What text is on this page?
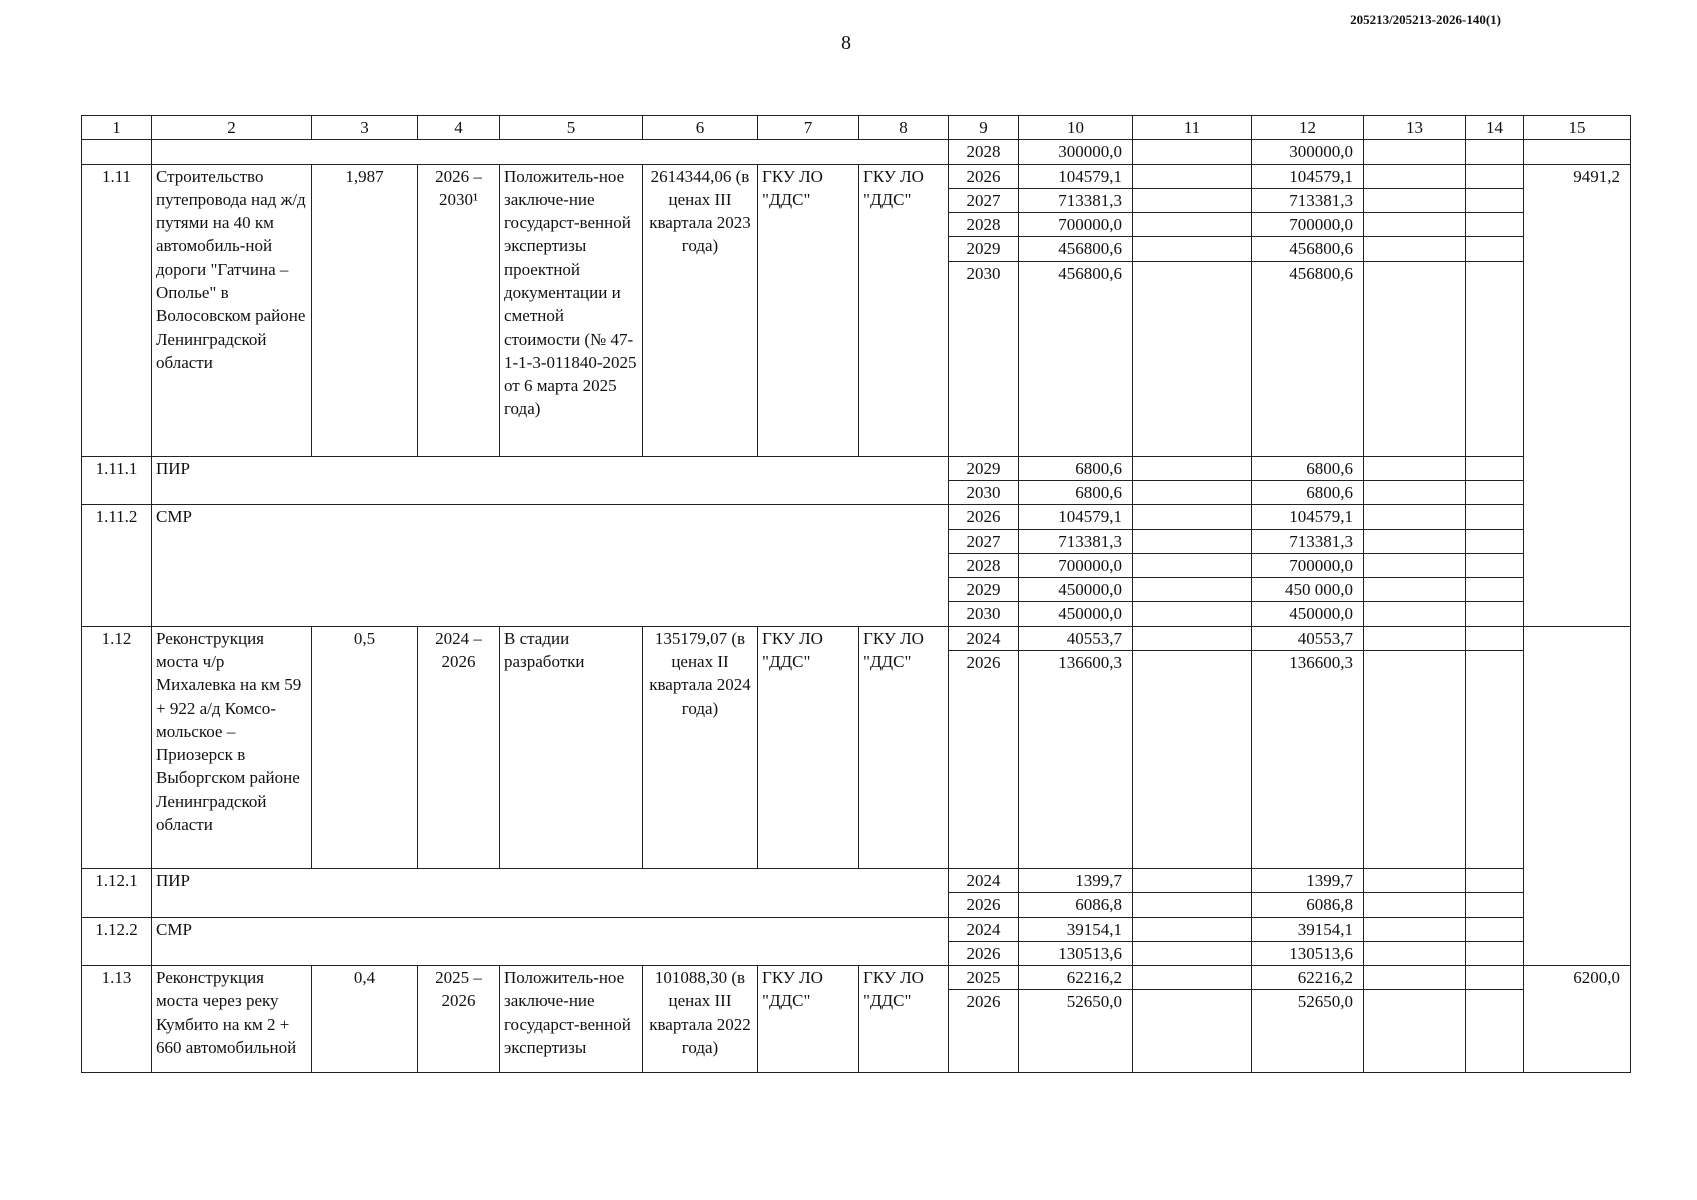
205213/205213-2026-140(1)
8
1	2	3	4	5	6	7	8	9	10	11	12	13	14	15
								2028	300000,0		300000,0			
1.11	Строительство путепровода над ж/д путями на 40 км автомобиль-ной дороги "Гатчина – Ополье" в Волосовском районе Ленинградской области	1,987	2026 – 2030¹	Положитель-ное заключе-ние государст-венной экспертизы проектной документации и сметной стоимости (№ 47-1-1-3-011840-2025 от 6 марта 2025 года)	2614344,06 (в ценах III квартала 2023 года)	ГКУ ЛО "ДДС"	ГКУ ЛО "ДДС"	2026	104579,1		104579,1			9491,2
								2027	713381,3		713381,3			
								2028	700000,0		700000,0			
								2029	456800,6		456800,6			
								2030	456800,6		456800,6			
1.11.1	ПИР							2029	6800,6		6800,6			
								2030	6800,6		6800,6			
1.11.2	СМР							2026	104579,1		104579,1			
								2027	713381,3		713381,3			
								2028	700000,0		700000,0			
								2029	450000,0		450 000,0			
								2030	450000,0		450000,0			
1.12	Реконструкция моста ч/р Михалевка на км 59 + 922 а/д Комсо-мольское – Приозерск в Выборгском районе Ленинградской области	0,5	2024 – 2026	В стадии разработки	135179,07 (в ценах II квартала 2024 года)	ГКУ ЛО "ДДС"	ГКУ ЛО "ДДС"	2024	40553,7		40553,7			
								2026	136600,3		136600,3			
1.12.1	ПИР							2024	1399,7		1399,7			
								2026	6086,8		6086,8			
1.12.2	СМР							2024	39154,1		39154,1			
								2026	130513,6		130513,6			
1.13	Реконструкция моста через реку Кумбито на км 2 + 660 автомобильной	0,4	2025 – 2026	Положитель-ное заключе-ние государст-венной экспертизы	101088,30 (в ценах III квартала 2022 года)	ГКУ ЛО "ДДС"	ГКУ ЛО "ДДС"	2025	62216,2		62216,2			6200,0
								2026	52650,0		52650,0			
